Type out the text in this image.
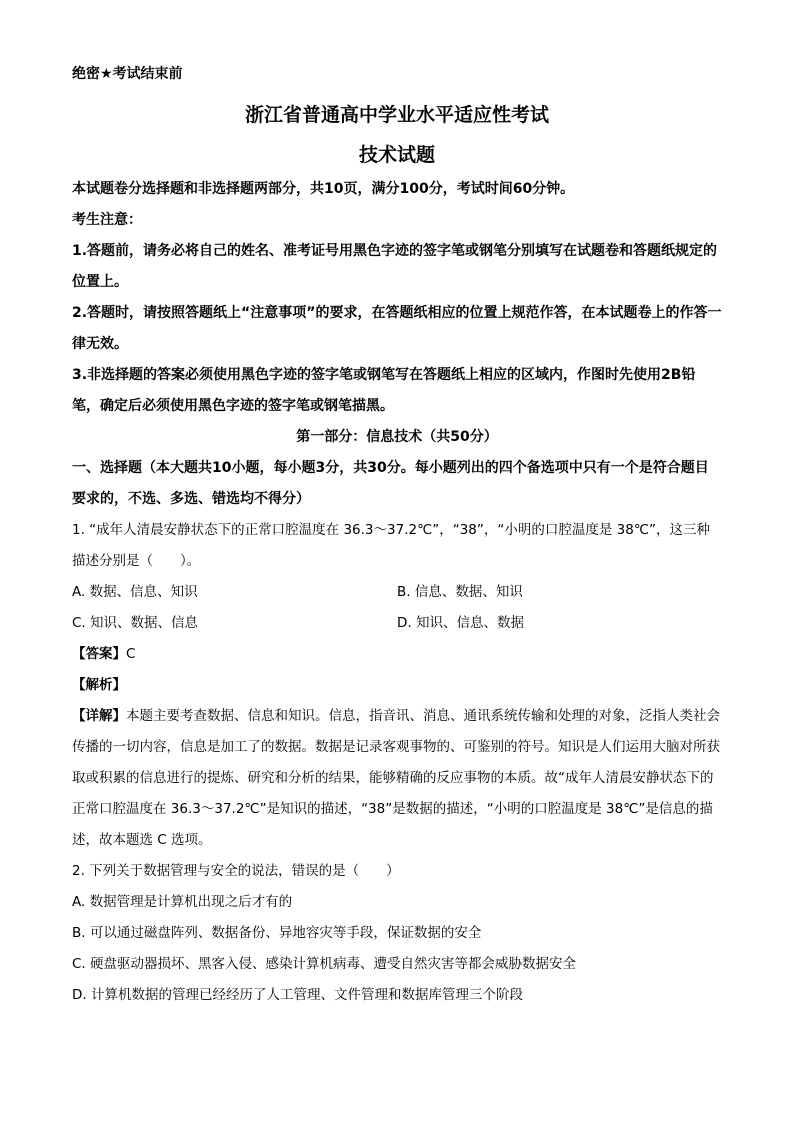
绝密★考试结束前
浙江省普通高中学业水平适应性考试
技术试题
本试题卷分选择题和非选择题两部分，共10页，满分100分，考试时间60分钟。
考生注意：
1.答题前，请务必将自己的姓名、准考证号用黑色字迹的签字笔或钢笔分别填写在试题卷和答题纸规定的位置上。
2.答题时，请按照答题纸上“注意事项”的要求，在答题纸相应的位置上规范作答，在本试题卷上的作答一律无效。
3.非选择题的答案必须使用黑色字迹的签字笔或钢笔写在答题纸上相应的区域内，作图时先使用2B铅笔，确定后必须使用黑色字迹的签字笔或钢笔描黑。
第一部分：信息技术（共50分）
一、选择题（本大题共10小题，每小题3分，共30分。每小题列出的四个备选项中只有一个是符合题目要求的，不选、多选、错选均不得分）
1. “成年人清晨安静状态下的正常口腔温度在 36.3～37.2℃”，“38”，“小明的口腔温度是 38℃”，这三种描述分别是（　　）。
A. 数据、信息、知识	B. 信息、数据、知识
C. 知识、数据、信息	D. 知识、信息、数据
【答案】C
【解析】
【详解】本题主要考查数据、信息和知识。信息，指音讯、消息、通讯系统传输和处理的对象，泛指人类社会传播的一切内容，信息是加工了的数据。数据是记录客观事物的、可鉴别的符号。知识是人们运用大脑对所获取或积累的信息进行的提炼、研究和分析的结果，能够精确的反应事物的本质。故“成年人清晨安静状态下的正常口腔温度在 36.3～37.2℃”是知识的描述，“38”是数据的描述，“小明的口腔温度是 38℃”是信息的描述，故本题选 C 选项。
2. 下列关于数据管理与安全的说法，错误的是（　　）
A. 数据管理是计算机出现之后才有的
B. 可以通过磁盘阵列、数据备份、异地容灾等手段，保证数据的安全
C. 硬盘驱动器损坏、黑客入侵、感染计算机病毒、遭受自然灾害等都会威胁数据安全
D. 计算机数据的管理已经经历了人工管理、文件管理和数据库管理三个阶段
